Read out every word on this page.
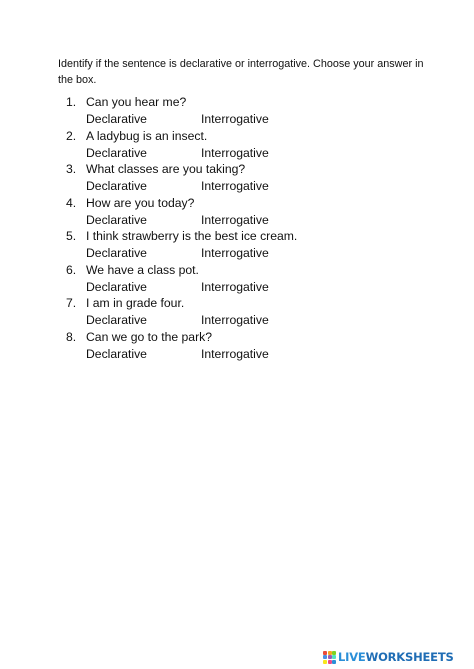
Identify if the sentence is declarative or interrogative. Choose your answer in the box.
1. Can you hear me?
Declarative	Interrogative
2. A ladybug is an insect.
Declarative	Interrogative
3. What classes are you taking?
Declarative	Interrogative
4. How are you today?
Declarative	Interrogative
5. I think strawberry is the best ice cream.
Declarative	Interrogative
6. We have a class pot.
Declarative	Interrogative
7. I am in grade four.
Declarative	Interrogative
8. Can we go to the park?
Declarative	Interrogative
LIVEWORKSHEETS
